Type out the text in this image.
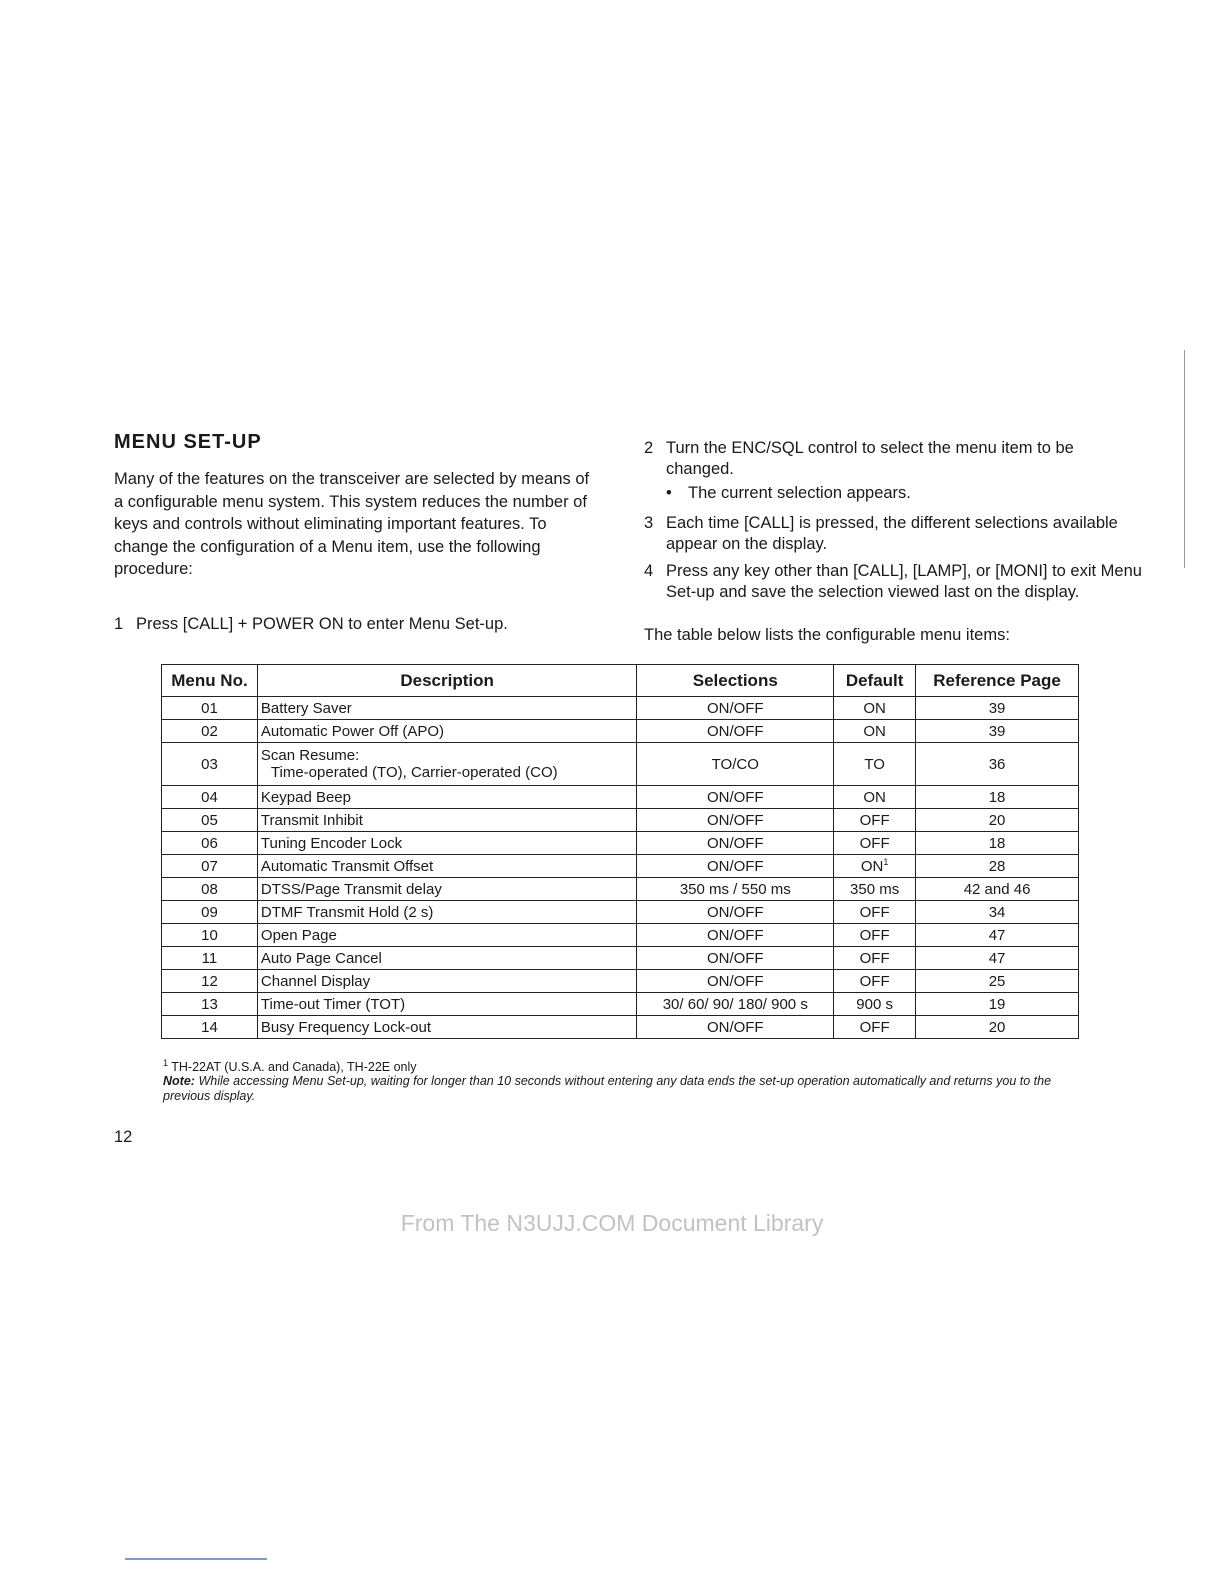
MENU SET-UP

Many of the features on the transceiver are selected by means of a configurable menu system. This system reduces the number of keys and controls without eliminating important features. To change the configuration of a Menu item, use the following procedure:

1 Press [CALL] + POWER ON to enter Menu Set-up.
2 Turn the ENC/SQL control to select the menu item to be changed.
• The current selection appears.
3 Each time [CALL] is pressed, the different selections available appear on the display.
4 Press any key other than [CALL], [LAMP], or [MONI] to exit Menu Set-up and save the selection viewed last on the display.

The table below lists the configurable menu items:

Menu No.	Description	Selections	Default	Reference Page
01	Battery Saver	ON/OFF	ON	39
02	Automatic Power Off (APO)	ON/OFF	ON	39
03	Scan Resume:
Time-operated (TO), Carrier-operated (CO)	TO/CO	TO	36
04	Keypad Beep	ON/OFF	ON	18
05	Transmit Inhibit	ON/OFF	OFF	20
06	Tuning Encoder Lock	ON/OFF	OFF	18
07	Automatic Transmit Offset	ON/OFF	$ON^1$	28
08	DTSS/Page Transmit delay	350 ms / 550 ms	350 ms	42 and 46
09	DTMF Transmit Hold (2 s)	ON/OFF	OFF	34
10	Open Page	ON/OFF	OFF	47
11	Auto Page Cancel	ON/OFF	OFF	47
12	Channel Display	ON/OFF	OFF	25
13	Time-out Timer (TOT)	30/ 60/ 90/ 180/ 900 s	900 s	19
14	Busy Frequency Lock-out	ON/OFF	OFF	20

$^1$ TH-22AT (U.S.A. and Canada), TH-22E only

Note: While accessing Menu Set-up, waiting for longer than 10 seconds without entering any data ends the set-up operation automatically and returns you to the previous display.

12
From The N3UJJ.COM Document Library
